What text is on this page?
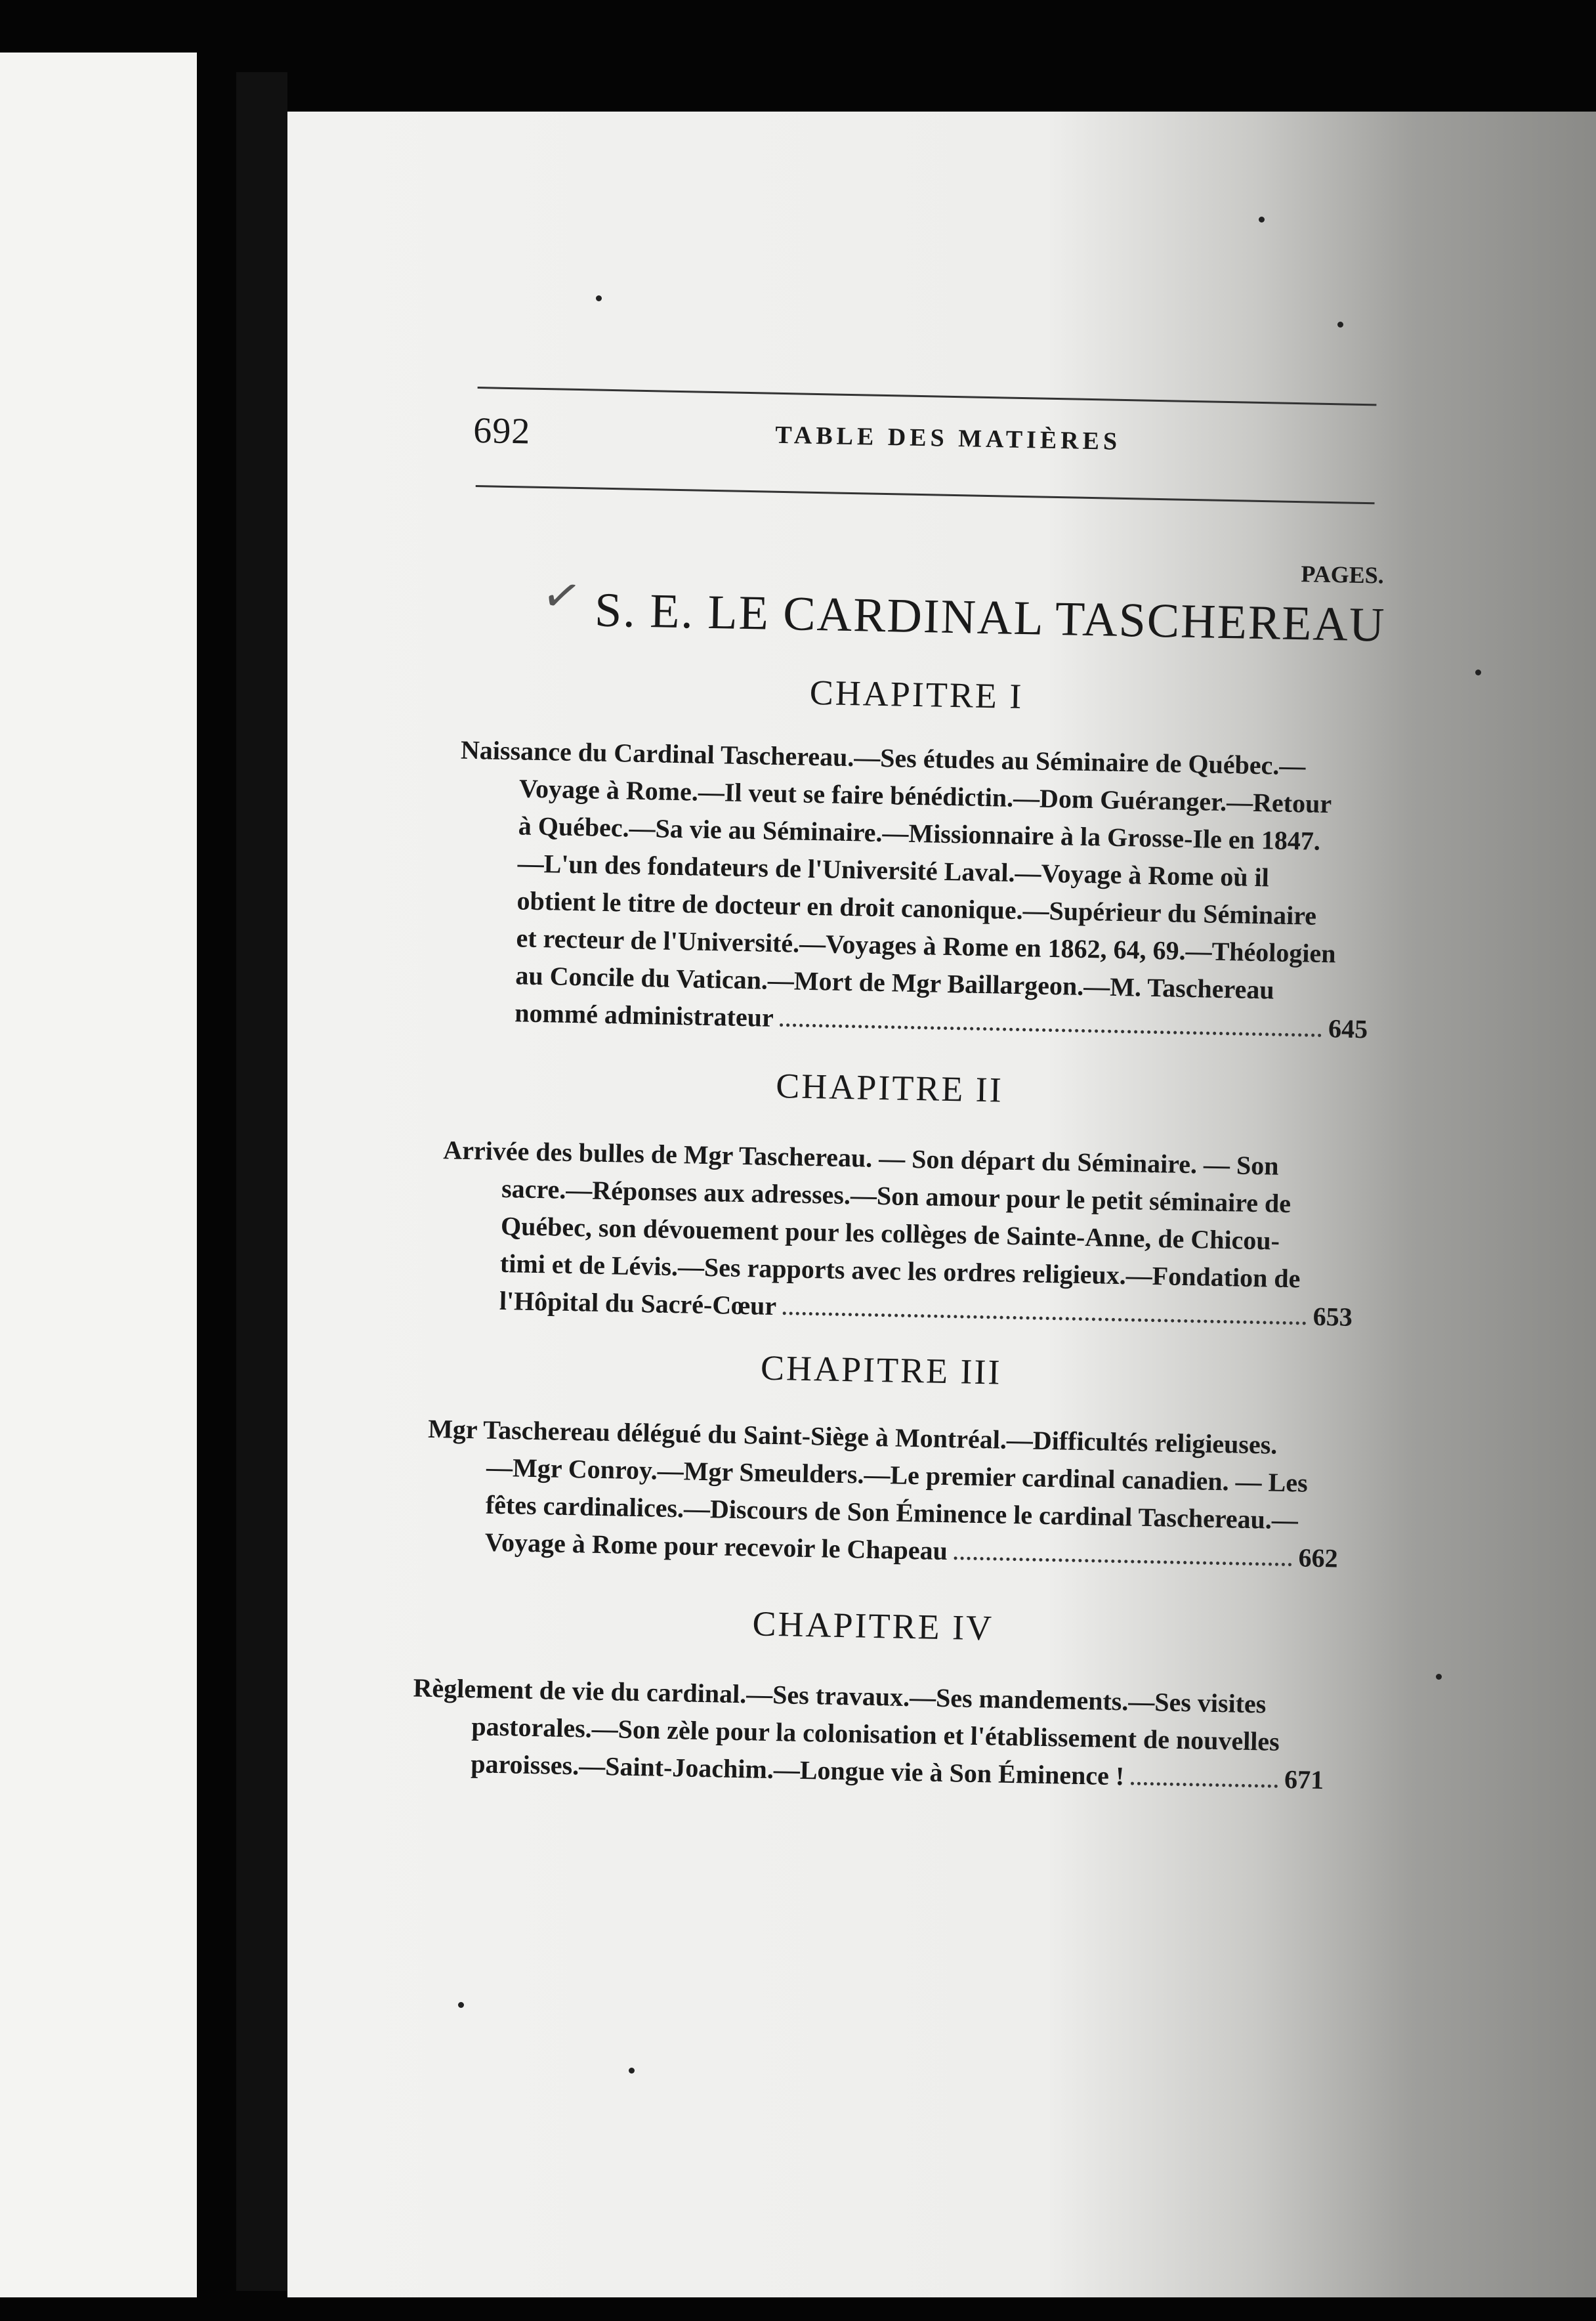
692	TABLE DES MATIÈRES
PAGES.
✓ S. E. LE CARDINAL TASCHEREAU
CHAPITRE I
Naissance du Cardinal Taschereau.—Ses études au Séminaire de Québec.—
Voyage à Rome.—Il veut se faire bénédictin.—Dom Guéranger.—Retour
à Québec.—Sa vie au Séminaire.—Missionnaire à la Grosse-Ile en 1847.
—L'un des fondateurs de l'Université Laval.—Voyage à Rome où il
obtient le titre de docteur en droit canonique.—Supérieur du Séminaire
et recteur de l'Université.—Voyages à Rome en 1862, 64, 69.—Théologien
au Concile du Vatican.—Mort de Mgr Baillargeon.—M. Taschereau
nommé administrateur	645
CHAPITRE II
Arrivée des bulles de Mgr Taschereau. — Son départ du Séminaire. — Son
sacre.—Réponses aux adresses.—Son amour pour le petit séminaire de
Québec, son dévouement pour les collèges de Sainte-Anne, de Chicou-
timi et de Lévis.—Ses rapports avec les ordres religieux.—Fondation de
l'Hôpital du Sacré-Cœur	653
CHAPITRE III
Mgr Taschereau délégué du Saint-Siège à Montréal.—Difficultés religieuses.
—Mgr Conroy.—Mgr Smeulders.—Le premier cardinal canadien. — Les
fêtes cardinalices.—Discours de Son Éminence le cardinal Taschereau.—
Voyage à Rome pour recevoir le Chapeau	662
CHAPITRE IV
Règlement de vie du cardinal.—Ses travaux.—Ses mandements.—Ses visites
pastorales.—Son zèle pour la colonisation et l'établissement de nouvelles
paroisses.—Saint-Joachim.—Longue vie à Son Éminence !	671
